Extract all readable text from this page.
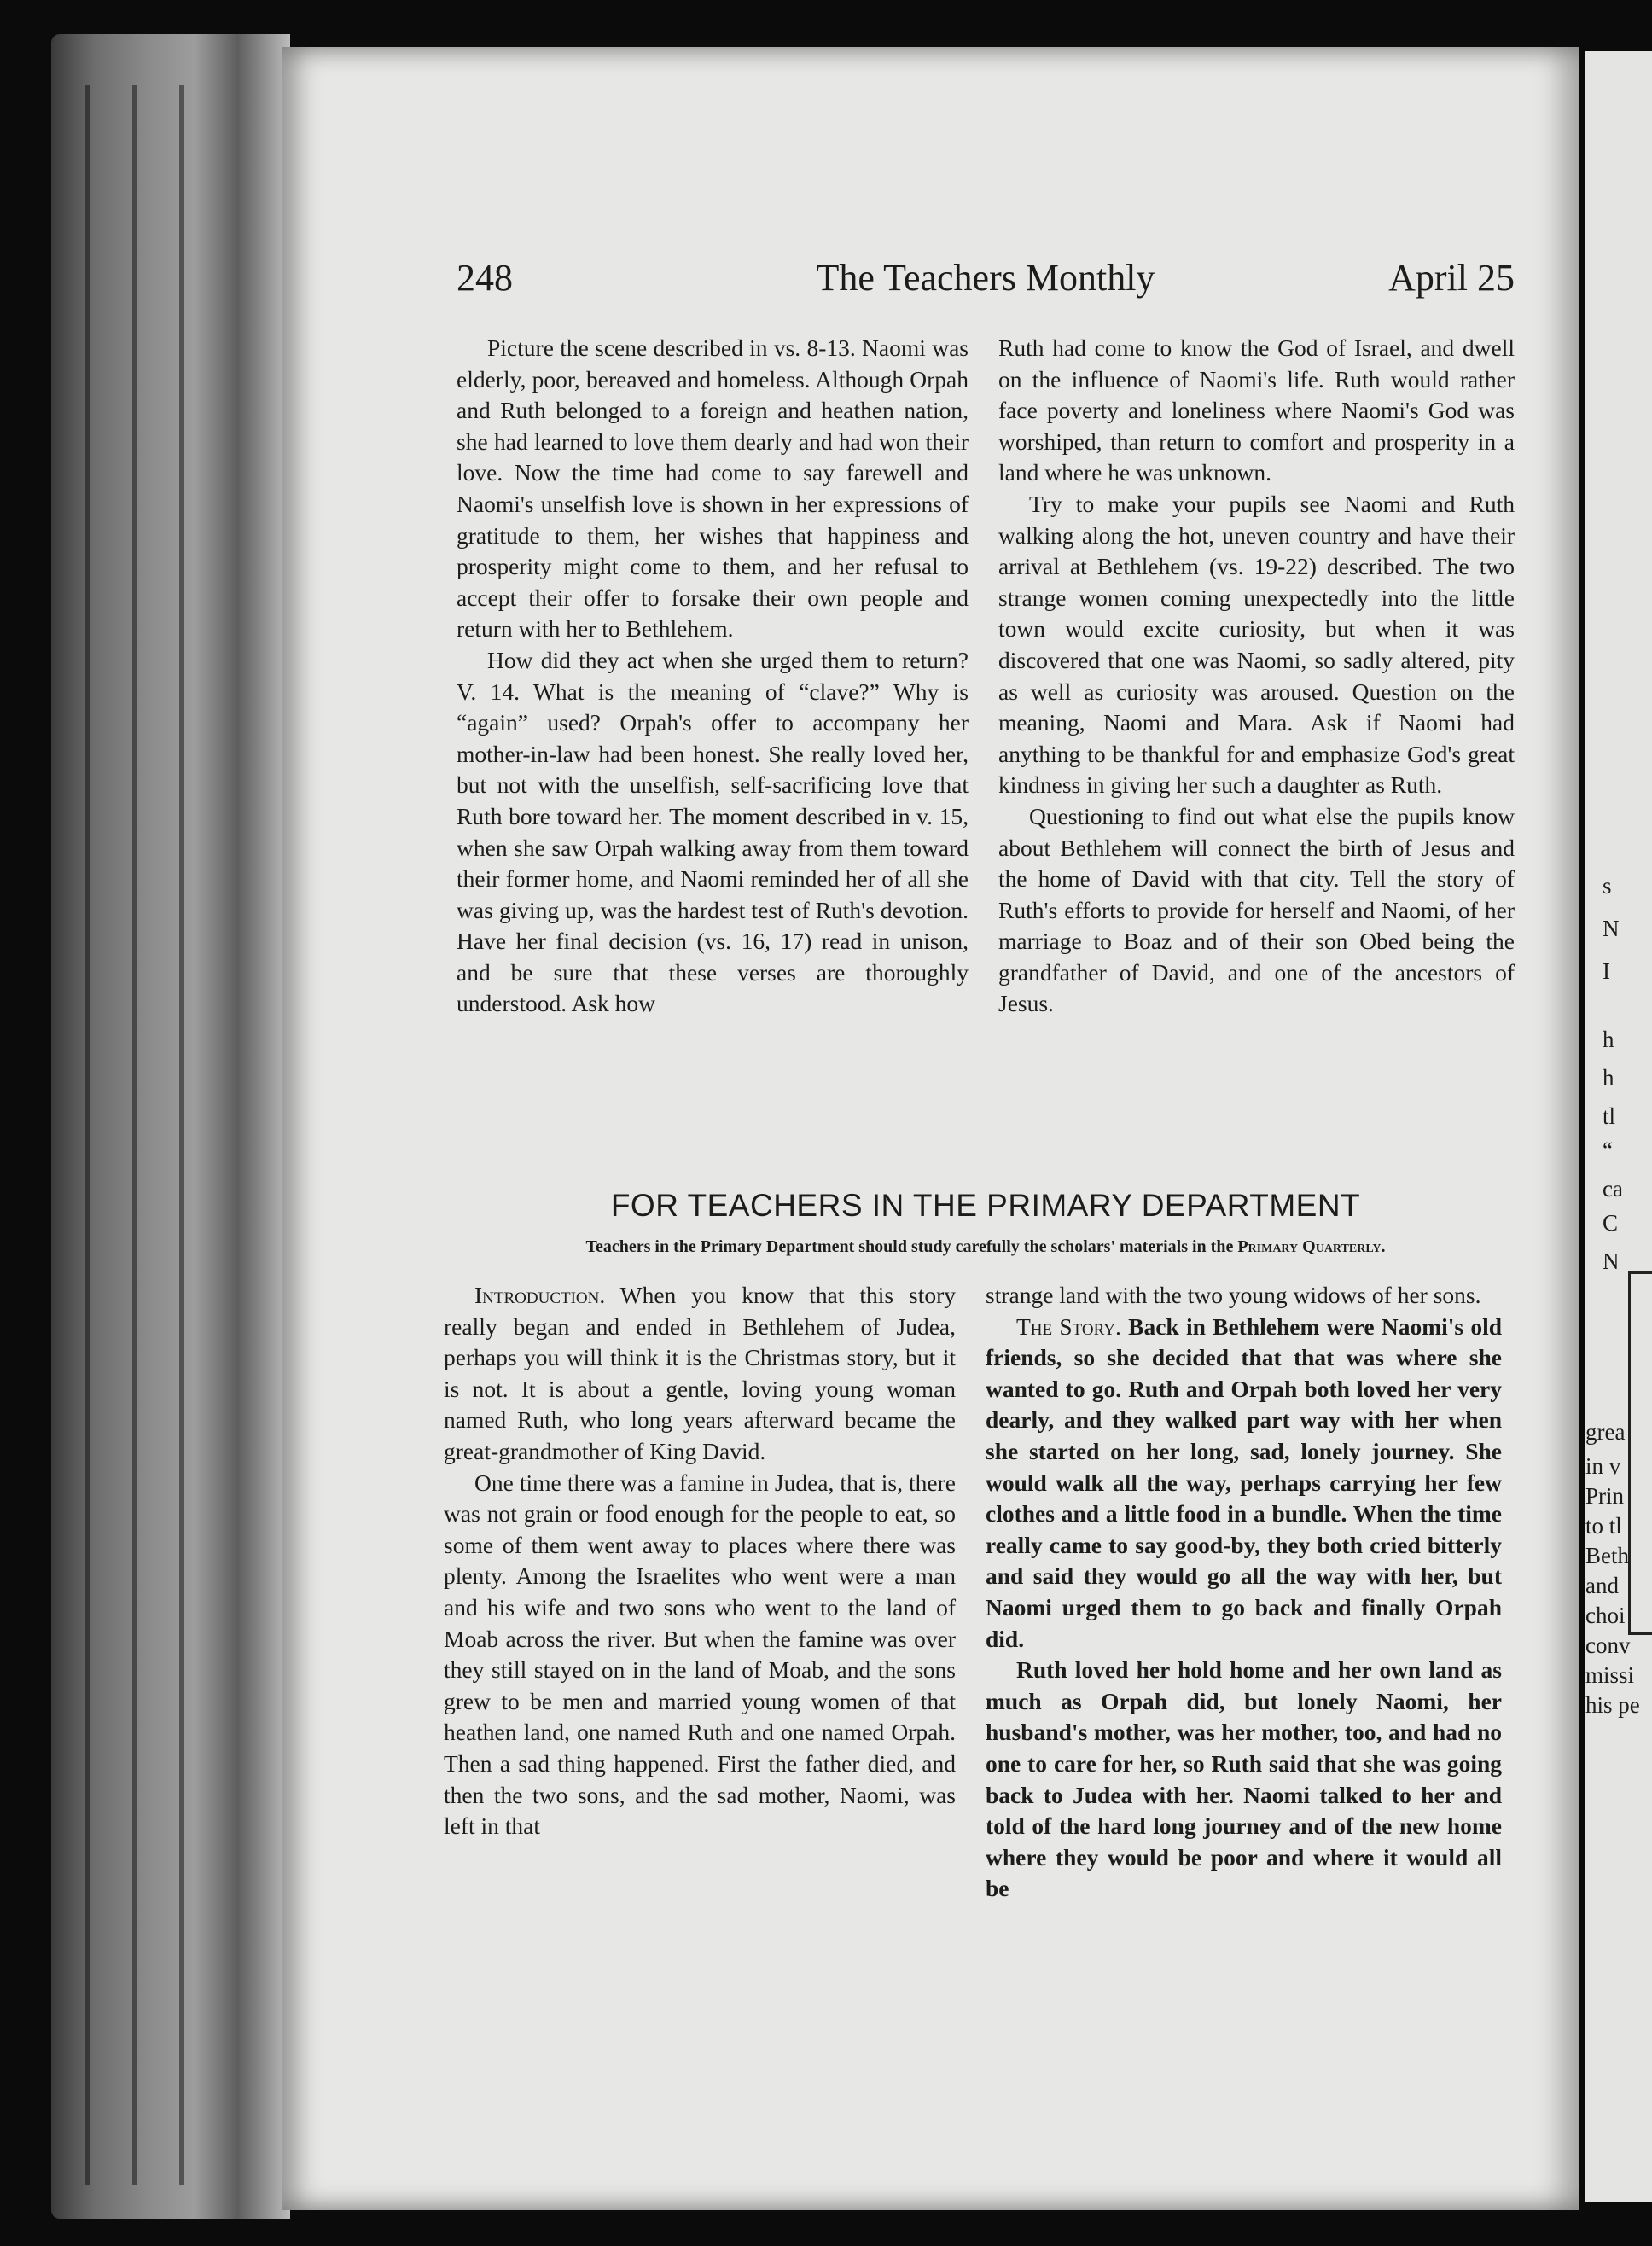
s
N
I
h
h
tl
“
ca
C
N
grea
in v
Prin
to tl
Beth
and
choi
conv
missi
his pe
248	The Teachers Monthly	April 25

Picture the scene described in vs. 8-13. Naomi was elderly, poor, bereaved and homeless. Although Orpah and Ruth belonged to a foreign and heathen nation, she had learned to love them dearly and had won their love. Now the time had come to say farewell and Naomi's unselfish love is shown in her expressions of gratitude to them, her wishes that happiness and prosperity might come to them, and her refusal to accept their offer to forsake their own people and return with her to Bethlehem.

How did they act when she urged them to return? V. 14. What is the meaning of “clave?” Why is “again” used? Orpah's offer to accompany her mother-in-law had been honest. She really loved her, but not with the unselfish, self-sacrificing love that Ruth bore toward her. The moment described in v. 15, when she saw Orpah walking away from them toward their former home, and Naomi reminded her of all she was giving up, was the hardest test of Ruth's devotion. Have her final decision (vs. 16, 17) read in unison, and be sure that these verses are thoroughly understood. Ask how

Ruth had come to know the God of Israel, and dwell on the influence of Naomi's life. Ruth would rather face poverty and loneliness where Naomi's God was worshiped, than return to comfort and prosperity in a land where he was unknown.

Try to make your pupils see Naomi and Ruth walking along the hot, uneven country and have their arrival at Bethlehem (vs. 19-22) described. The two strange women coming unexpectedly into the little town would excite curiosity, but when it was discovered that one was Naomi, so sadly altered, pity as well as curiosity was aroused. Question on the meaning, Naomi and Mara. Ask if Naomi had anything to be thankful for and emphasize God's great kindness in giving her such a daughter as Ruth.

Questioning to find out what else the pupils know about Bethlehem will connect the birth of Jesus and the home of David with that city. Tell the story of Ruth's efforts to provide for herself and Naomi, of her marriage to Boaz and of their son Obed being the grandfather of David, and one of the ancestors of Jesus.

FOR TEACHERS IN THE PRIMARY DEPARTMENT
Teachers in the Primary Department should study carefully the scholars' materials in the Primary Quarterly.

Introduction. When you know that this story really began and ended in Bethlehem of Judea, perhaps you will think it is the Christmas story, but it is not. It is about a gentle, loving young woman named Ruth, who long years afterward became the great-grandmother of King David.

One time there was a famine in Judea, that is, there was not grain or food enough for the people to eat, so some of them went away to places where there was plenty. Among the Israelites who went were a man and his wife and two sons who went to the land of Moab across the river. But when the famine was over they still stayed on in the land of Moab, and the sons grew to be men and married young women of that heathen land, one named Ruth and one named Orpah. Then a sad thing happened. First the father died, and then the two sons, and the sad mother, Naomi, was left in that

strange land with the two young widows of her sons.

The Story. Back in Bethlehem were Naomi's old friends, so she decided that that was where she wanted to go. Ruth and Orpah both loved her very dearly, and they walked part way with her when she started on her long, sad, lonely journey. She would walk all the way, perhaps carrying her few clothes and a little food in a bundle. When the time really came to say good-by, they both cried bitterly and said they would go all the way with her, but Naomi urged them to go back and finally Orpah did.

Ruth loved her hold home and her own land as much as Orpah did, but lonely Naomi, her husband's mother, was her mother, too, and had no one to care for her, so Ruth said that she was going back to Judea with her. Naomi talked to her and told of the hard long journey and of the new home where they would be poor and where it would all be
